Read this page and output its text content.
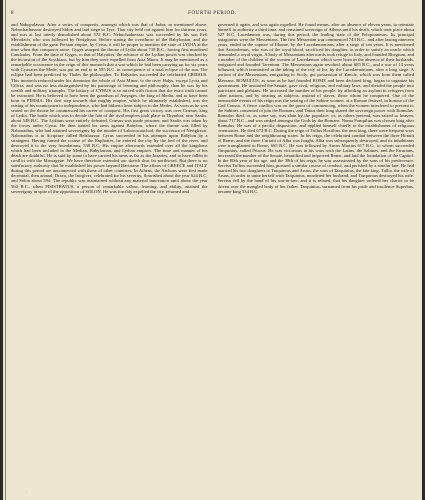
8	FOURTH PERIOD.

and Nabopolassar. After a series of conquests, amongst which was that of Judea, as mentioned above, Nebuchadnezzar destroyed Sidon and laid siege to Tyre. That city held out against him for thirteen years, and was at last utterly demolished about 572 B.C. Nebuchadnezzar was succeeded by his son Evil Merodach, who was followed by Neriglissar. Before stating the overthrow of the Babylonian, and the establishment of the great Persian empire, by Cyrus, it will be proper to mention the state of LYDIA at the time when that conqueror arose. Gyges usurped the throne of Lydia about 718 B.C., having first murdered Candaules. From the time of Gyges, to that of Halyattes, the advance of the Lydian power was checked by the incursion of the Scythians, but by him they were expelled from Asia Minor. It may be mentioned as a remarkable occurrence in the reign of this monarch that a war which he had been carrying on for six years with Cyaxares the Mede, was put an end to in 585 B.C. in consequence of a total eclipse of the sun. The eclipse had been predicted by Thales the philosopher. To Halyattes succeeded the celebrated CRŒSUS. This monarch reduced under his dominion the whole of Asia Minor, to the river Halys, except Lycia and Cilicia, and was no less distinguished by his patronage of learning and philosophy, than he was by his wealth and military triumphs. The history of CYRUS is so mixed with fiction that the exact truth cannot be extracted. He is believed to have been the grandson of Astyages, the king of Media, and to have been born in PERSIA. His first step towards that mighty empire, which he ultimately established, was the raising of his countrymen to independence, who had hitherto been subject to the Medes. As soon as he was seated on the throne he commenced his career of conquest. His first great victory was over Crœsus, king of Lydia. The battle which was to decide the fate of the rival empires took place at Thymbra, near Sardis, about 548 B.C. The Lydians were entirely defeated, Crœsus was made prisoner, and Sardis was taken by the forces under Cyrus. He then turned his arms against Babylon, where the throne was filled by Nabonadius, who had attained sovereignty by the murder of Laborosoarchod, the successor of Neriglissar. Nabonadius is in Scripture called Belshazzar. Cyrus succeeded in his attempts upon Babylon by a stratagem. Having turned the course of the Euphrates, he entered the city by the bed of the river, and destroyed it to the very foundations, 538 B.C. His empire afterwards extended over all the kingdoms which had been included in the Median, Babylonian, and Lydian empires. The time and manner of his death are doubtful. He is said by some to have carried his arms as far as the Jaxartes, and to have fallen in conflict with the Massagetæ. We have therefore extended our sketch thus far northward. But there is no satisfactory authority that he established his power beyond Bactriana. The affairs of GREECE and ITALY during this period are unconnected with those of other countries. In Athens, the Archons were first made decennial, then annual. Draco, the lawgiver, celebrated for his severity, flourished about the year 624 B.C. and Solon about 594. The republic was maintained without any material innovation until about the year 560 B.C., when PISISTRATUS, a person of remarkable valour, learning, and ability, attained the sovereignty in spite of the opposition of SOLON. He was forcibly expelled the city, returned and

governed it again, and was again expelled. He found means, after an absence of eleven years, to reinstate himself in authority a third time, and remained sovereign of Athens until his death, which took place about 527 B.C. Lacedæmon was, during this period, the leading state of the Peloponnesus. Its principal antagonists were the Messenians. The first Messenian war commenced 743 B.C., and after lasting nineteen years, ended in the capture of Ithome, by the Lacedæmonians, after a siege of ten years. It is mentioned that Aristodemus, who was of the royal blood, sacrificed his daughter, in order to satisfy an oracle which demanded a royal virgin. A body of Messenians afterwards took refuge in Italy, and founded Rhegium, and a number of the children of the women of Lacedæmon which were born in the absence of their husbands, emigrated and founded Tarentum. The Messenians again revolted, about 685 B.C., and a war of 14 years followed, which terminated in the taking of the city of Ira, by the Lacedæmonians, after a long siege. A portion of the Messenians, emigrating to Sicily, got possession of Zancle, which was from them called Messana. ROMULUS, as soon as he had founded ROME and been declared king, began to organize his government. He instituted the Senate, gave civil, religious, and military laws, and divided the people into patricians and plebians. He increased the number of his people, by affording an asylum to refugees from other nations, and by treating as subjects, instead of slaves, those whom he conquered. One of the memorable events of his reign was the seizing of the Sabine women, at a Roman festival, in honour of the God Consus. A fierce conflict was on the point of commencing, when the women interfered to prevent it; the Sabines consented to join the Romans, and Tatius their king shared the sovereign power with Romulus. Romulus died, or, as some say, was slain by the populace; or, as others pretend, was raised to heaven, about 717 B.C., and was ranked amongst the Gods by the Romans. Numa Pompilius was chosen king after Romulus. He was of a pacific disposition, and applied himself chiefly to the establishment of religious ceremonies. He died 673 B.C. During the reign of Tullus Hostilius, the next king, there were frequent wars between Rome and the neighbouring states. In his reign, the celebrated combat between the three Horatii of Rome, and the three Curiatii of Alba was fought. Alba was subsequently destroyed, and its inhabitants were transplanted to Rome, 665 B.C. He was followed by Ancus Martius 617 B.C., to whom succeeded Tarquinius, called Priscus. He was victorious in his wars with the Latins, the Sabines, and the Etrurians, increased the number of the Senate, beautified and improved Rome, and laid the foundation of the Capitol. In the 80th year of his age, and the 38th of his reign, he was assassinated by the sons of his predecessor. Servius Tullius succeeded him, pursued a similar course of conduct, and perished by a similar fate. He had married his two daughters to Tarquinius and Aruns, the sons of Tarquinius, the late king. Tullia, the wife of Aruns, in order to unite herself with Tarquinius, murdered her husband; and Tarquinius destroyed his wife. Servius fell by the hand of his son-in-law; and it is related, that his daughter ordered her chariot to be driven over the mangled body of her father. Tarquinius, surnamed from his pride and insolence Superbus, became king 534 B.C.

·
